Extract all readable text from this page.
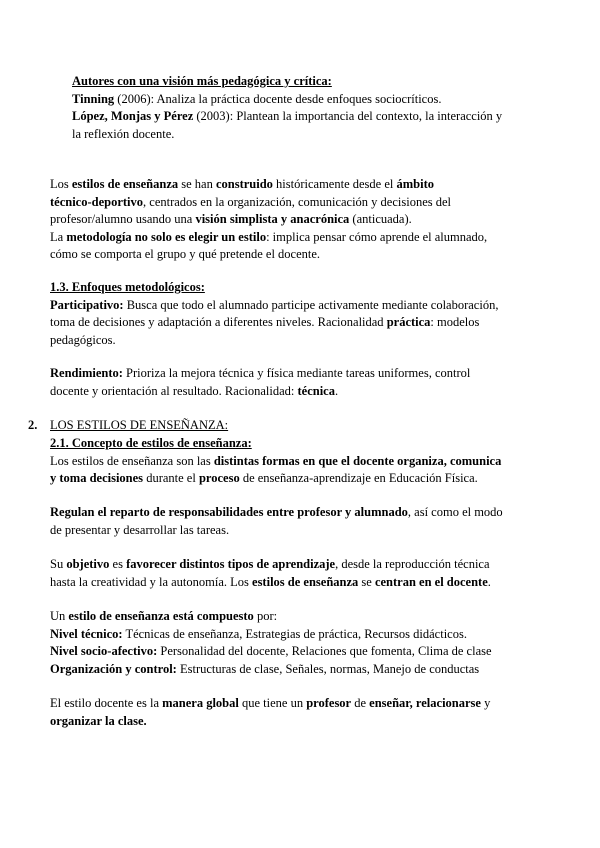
Autores con una visión más pedagógica y crítica:
Tinning (2006): Analiza la práctica docente desde enfoques sociocríticos.
López, Monjas y Pérez (2003): Plantean la importancia del contexto, la interacción y
la reflexión docente.
Los estilos de enseñanza se han construido históricamente desde el ámbito
técnico-deportivo, centrados en la organización, comunicación y decisiones del
profesor/alumno usando una visión simplista y anacrónica (anticuada).
La metodología no solo es elegir un estilo: implica pensar cómo aprende el alumnado,
cómo se comporta el grupo y qué pretende el docente.
1.3. Enfoques metodológicos:
Participativo: Busca que todo el alumnado participe activamente mediante colaboración,
toma de decisiones y adaptación a diferentes niveles. Racionalidad práctica: modelos
pedagógicos.
Rendimiento: Prioriza la mejora técnica y física mediante tareas uniformes, control
docente y orientación al resultado. Racionalidad: técnica.
2. LOS ESTILOS DE ENSEÑANZA:
2.1. Concepto de estilos de enseñanza:
Los estilos de enseñanza son las distintas formas en que el docente organiza, comunica
y toma decisiones durante el proceso de enseñanza-aprendizaje en Educación Física.
Regulan el reparto de responsabilidades entre profesor y alumnado, así como el modo
de presentar y desarrollar las tareas.
Su objetivo es favorecer distintos tipos de aprendizaje, desde la reproducción técnica
hasta la creatividad y la autonomía. Los estilos de enseñanza se centran en el docente.
Un estilo de enseñanza está compuesto por:
Nivel técnico: Técnicas de enseñanza, Estrategias de práctica, Recursos didácticos.
Nivel socio-afectivo: Personalidad del docente, Relaciones que fomenta, Clima de clase
Organización y control: Estructuras de clase, Señales, normas, Manejo de conductas
El estilo docente es la manera global que tiene un profesor de enseñar, relacionarse y
organizar la clase.
